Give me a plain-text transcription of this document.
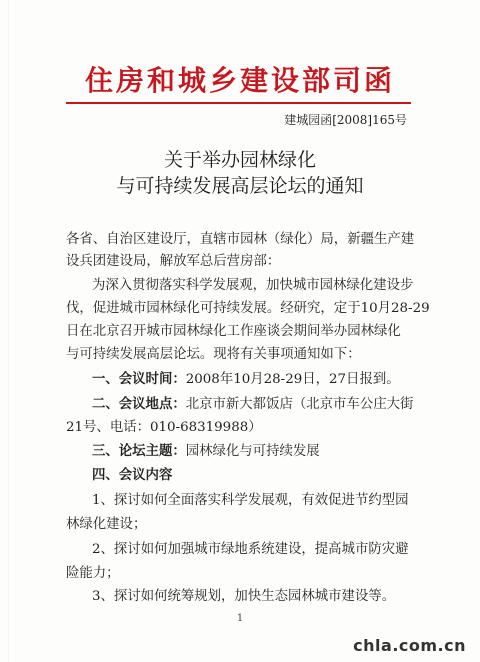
住房和城乡建设部司函
建城园函[2008]165号
关于举办园林绿化
与可持续发展高层论坛的通知
各省、自治区建设厅，直辖市园林（绿化）局，新疆生产建
设兵团建设局，解放军总后营房部：
为深入贯彻落实科学发展观，加快城市园林绿化建设步
伐，促进城市园林绿化可持续发展。经研究，定于10月28-29
日在北京召开城市园林绿化工作座谈会期间举办园林绿化
与可持续发展高层论坛。现将有关事项通知如下：
一、会议时间：2008年10月28-29日，27日报到。
二、会议地点：北京市新大都饭店（北京市车公庄大街
21号、电话：010-68319988）
三、论坛主题：园林绿化与可持续发展
四、会议内容
1、探讨如何全面落实科学发展观，有效促进节约型园
林绿化建设；
2、探讨如何加强城市绿地系统建设，提高城市防灾避
险能力；
3、探讨如何统筹规划，加快生态园林城市建设等。
1
chla.com.cn
